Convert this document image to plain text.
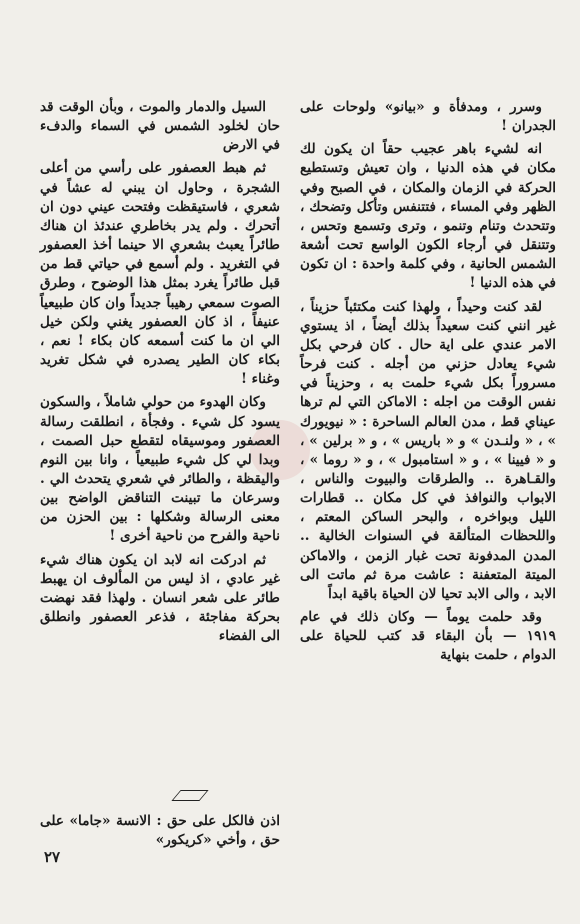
وسرر ، ومدفأة و «بيانو» ولوحات على الجدران !

انه لشيء باهر عجيب حقاً ان يكون لك مكان في هذه الدنيا ، وان تعيش وتستطيع الحركة في الزمان والمكان ، في الصبح وفي الظهر وفي المساء ، فتتنفس وتأكل وتضحك ، وتتحدث وتنام وتنمو ، وترى وتسمع وتحس ، وتتنقل في أرجاء الكون الواسع تحت أشعة الشمس الحانية ، وفي كلمة واحدة : ان تكون في هذه الدنيا !

لقد كنت وحيداً ، ولهذا كنت مكتئباً حزيناً ، غير انني كنت سعيداً بذلك أيضاً ، اذ يستوي الامر عندي على اية حال . كان فرحي بكل شيء يعادل حزني من أجله . كنت فرحاً مسروراً بكل شيء حلمت به ، وحزيناً في نفس الوقت من اجله : الاماكن التي لم ترها عيناي قط ، مدن العالم الساحرة : « نيويورك » ، « ولنـدن » و « باريس » ، و « برلين » ، و « فيينا » ، و « استامبول » ، و « روما » ، والقـاهرة .. والطرقات والبيوت والناس ، الابواب والنوافذ في كل مكان .. قطارات الليل وبواخره ، والبحر الساكن المعتم ، واللحظات المتألقة في السنوات الخالية .. المدن المدفونة تحت غبار الزمن ، والاماكن الميتة المتعفنة : عاشت مرة ثم ماتت الى الابد ، والى الابد تحيا لان الحياة باقية ابداً

وقد حلمت يوماً — وكان ذلك في عام ١٩١٩ — بأن البقاء قد كتب للحياة على الدوام ، حلمت بنهاية

السيل والدمار والموت ، وبأن الوقت قد حان لخلود الشمس في السماء والدفء في الارض

ثم هبط العصفور على رأسي من أعلى الشجرة ، وحاول ان يبني له عشاً في شعري ، فاستيقظت وفتحت عيني دون ان أتحرك . ولم يدر بخاطري عندئذ ان هناك طائراً يعبث بشعري الا حينما أخذ العصفور في التغريد . ولم أسمع في حياتي قط من قبل طائراً يغرد بمثل هذا الوضوح ، وطرق الصوت سمعي رهيباً جديداً وان كان طبيعياً عنيفاً ، اذ كان العصفور يغني ولكن خيل الي ان ما كنت أسمعه كان بكاء ! نعم ، بكاء كان الطير يصدره في شكل تغريد وغناء !

وكان الهدوء من حولي شاملاً ، والسكون يسود كل شيء . وفجأة ، انطلقت رسالة العصفور وموسيقاه لتقطع حبل الصمت ، وبدا لي كل شيء طبيعياً ، وانا بين النوم واليقظة ، والطائر في شعري يتحدث الي . وسرعان ما تبينت التناقض الواضح بين معنى الرسالة وشكلها : بين الحزن من ناحية والفرح من ناحية أخرى !

ثم ادركت انه لابد ان يكون هناك شيء غير عادي ، اذ ليس من المألوف ان يهبط طائر على شعر انسان . ولهذا فقد نهضت بحركة مفاجئة ، فذعر العصفور وانطلق الى الفضاء

اذن فالكل على حق : الانسة «جاما» على حق ، وأخي «كريكور»
٢٧
